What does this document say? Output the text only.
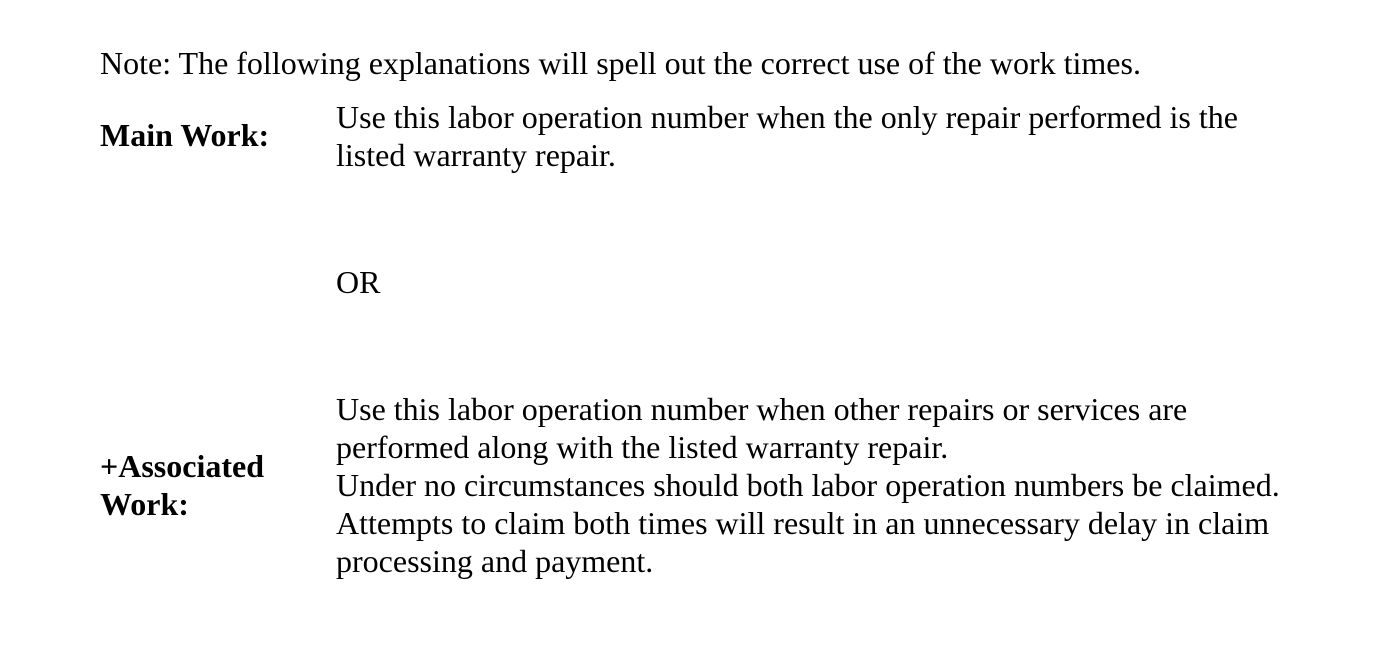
Note: The following explanations will spell out the correct use of the work times.
Main Work: Use this labor operation number when the only repair performed is the
listed warranty repair.
OR
+Associated
Work:
Use this labor operation number when other repairs or services are
performed along with the listed warranty repair.
Under no circumstances should both labor operation numbers be claimed.
Attempts to claim both times will result in an unnecessary delay in claim
processing and payment.
